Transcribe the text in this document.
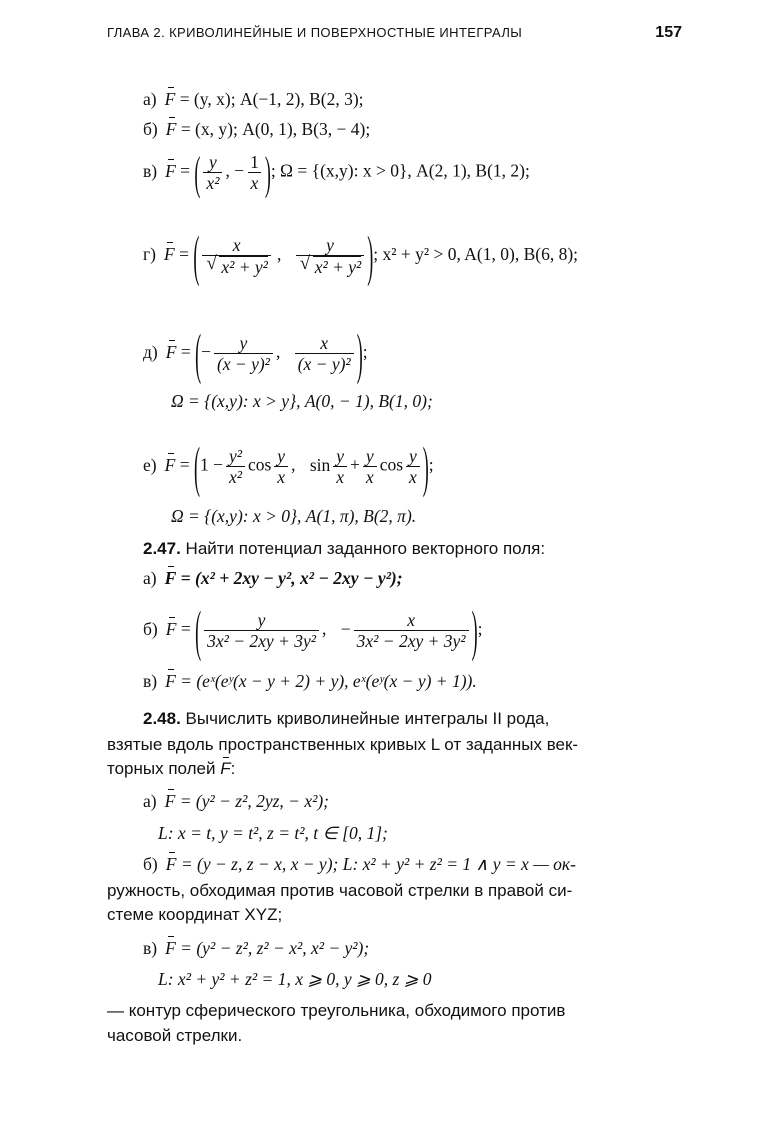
ГЛАВА 2. КРИВОЛИНЕЙНЫЕ И ПОВЕРХНОСТНЫЕ ИНТЕГРАЛЫ	157
а) F = (y, x); A(−1, 2), B(2, 3);
б) F = (x, y); A(0, 1), B(3, − 4);
в) F = ( $\frac{y}{\text{x²}}$ , − $\frac{1}{x}$ ); Ω = {(x,y): x > 0}, A(2, 1), B(1, 2);
г) F = ( x
√ x² + y² , y
√ x² + y² ); x² + y² > 0, A(1, 0), B(6, 8);
д) F = (− $\frac{y}{\text{(x − y)²}}$ , $\frac{x}{\text{(x − y)²}}$ );
Ω = {(x,y): x > y}, A(0, − 1), B(1, 0);
е) $F = (1 - \frac{\text{y²}}{\text{x²}}$ $\cos \frac{y}{x}$ , $\sin \frac{y}{x} + \frac{y}{x}$ $\cos \frac{y}{x}$ );
Ω = {(x,y): x > 0}, A(1, π), B(2, π).
2.47. Найти потенциал заданного векторного поля:
а) F = (x² + 2xy − y², x² − 2xy − y²);
б) F = ( $\frac{y}{\text{3x² − 2xy + 3y²}}$ , − $\frac{x}{\text{3x² − 2xy + 3y²}}$ );
в) F = (eˣ(eʸ(x − y + 2) + y), eˣ(eʸ(x − y) + 1)).
2.48. Вычислить криволинейные интегралы II рода,
взятые вдоль пространственных кривых L от заданных век-
торных полей F:
а) F = (y² − z², 2yz, − x²);
L: x = t, y = t², z = t², t ∈ [0, 1];
б) F = (y − z, z − x, x − y); L: x² + y² + z² = 1 ∧ y = x — ок-
ружность, обходимая против часовой стрелки в правой си-
стеме координат XYZ;
в) F = (y² − z², z² − x², x² − y²);
L: x² + y² + z² = 1, x ⩾ 0, y ⩾ 0, z ⩾ 0
— контур сферического треугольника, обходимого против
часовой стрелки.
